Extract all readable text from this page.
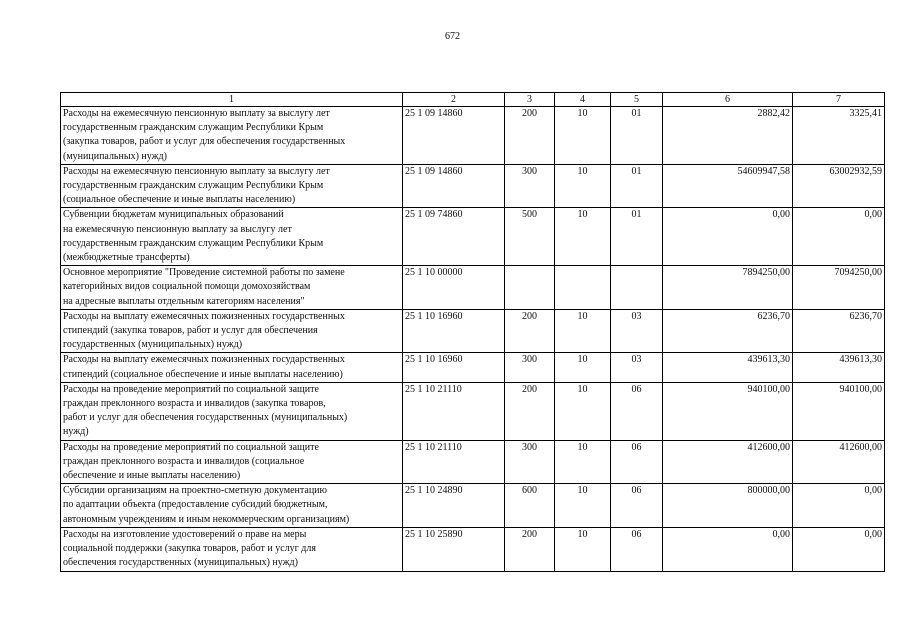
672
1	2	3	4	5	6	7

Расходы на ежемесячную пенсионную выплату за выслугу лет
государственным гражданским служащим Республики Крым
(закупка товаров, работ и услуг для обеспечения государственных
(муниципальных) нужд)	25 1 09 14860	200	10	01	2882,42	3325,41

Расходы на ежемесячную пенсионную выплату за выслугу лет
государственным гражданским служащим Республики Крым
(социальное обеспечение и иные выплаты населению)	25 1 09 14860	300	10	01	54609947,58	63002932,59

Субвенции бюджетам муниципальных образований
на ежемесячную пенсионную выплату за выслугу лет
государственным гражданским служащим Республики Крым
(межбюджетные трансферты)	25 1 09 74860	500	10	01	0,00	0,00

Основное мероприятие "Проведение системной работы по замене
категорийных видов социальной помощи домохозяйствам
на адресные выплаты отдельным категориям населения"	25 1 10 00000				7894250,00	7094250,00

Расходы на выплату ежемесячных пожизненных государственных
стипендий (закупка товаров, работ и услуг для обеспечения
государственных (муниципальных) нужд)	25 1 10 16960	200	10	03	6236,70	6236,70

Расходы на выплату ежемесячных пожизненных государственных
стипендий (социальное обеспечение и иные выплаты населению)	25 1 10 16960	300	10	03	439613,30	439613,30

Расходы на проведение мероприятий по социальной защите
граждан преклонного возраста и инвалидов (закупка товаров,
работ и услуг для обеспечения государственных (муниципальных)
нужд)	25 1 10 21110	200	10	06	940100,00	940100,00

Расходы на проведение мероприятий по социальной защите
граждан преклонного возраста и инвалидов (социальное
обеспечение и иные выплаты населению)	25 1 10 21110	300	10	06	412600,00	412600,00

Субсидии организациям на проектно-сметную документацию
по адаптации объекта (предоставление субсидий бюджетным,
автономным учреждениям и иным некоммерческим организациям)	25 1 10 24890	600	10	06	800000,00	0,00

Расходы на изготовление удостоверений о праве на меры
социальной поддержки (закупка товаров, работ и услуг для
обеспечения государственных (муниципальных) нужд)	25 1 10 25890	200	10	06	0,00	0,00
